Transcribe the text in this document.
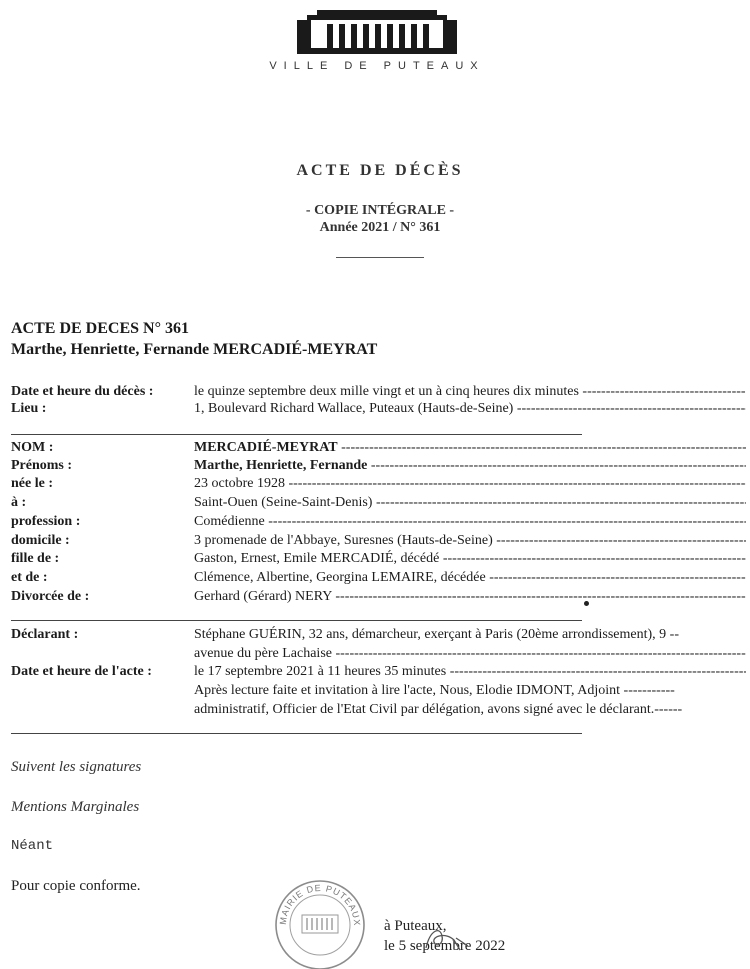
VILLE DE PUTEAUX
ACTE DE DÉCÈS
- COPIE INTÉGRALE -
Année 2021 / N° 361
ACTE DE DECES N° 361
Marthe, Henriette, Fernande MERCADIÉ-MEYRAT
Date et heure du décès :	le quinze septembre deux mille vingt et un à cinq heures dix minutes -----
Lieu :	1, Boulevard Richard Wallace, Puteaux (Hauts-de-Seine) -----
NOM :	MERCADIÉ-MEYRAT -----
Prénoms :	Marthe, Henriette, Fernande -----
née le :	23 octobre 1928 -----
à :	Saint-Ouen (Seine-Saint-Denis) -----
profession :	Comédienne -----
domicile :	3 promenade de l'Abbaye, Suresnes (Hauts-de-Seine) -----
fille de :	Gaston, Ernest, Emile MERCADIÉ, décédé -----
et de :	Clémence, Albertine, Georgina LEMAIRE, décédée -----
Divorcée de :	Gerhard (Gérard) NERY -----
Déclarant :	Stéphane GUÉRIN, 32 ans, démarcheur, exerçant à Paris (20ème arrondissement), 9 --
avenue du père Lachaise -----
Date et heure de l'acte :	le 17 septembre 2021 à 11 heures 35 minutes -----
Après lecture faite et invitation à lire l'acte, Nous, Elodie IDMONT, Adjoint -----------
administratif, Officier de l'Etat Civil par délégation, avons signé avec le déclarant.------
Suivent les signatures
Mentions Marginales
Néant
Pour copie conforme.
MAIRIE DE PUTEAUX à Puteaux,
le 5 septembre 2022
